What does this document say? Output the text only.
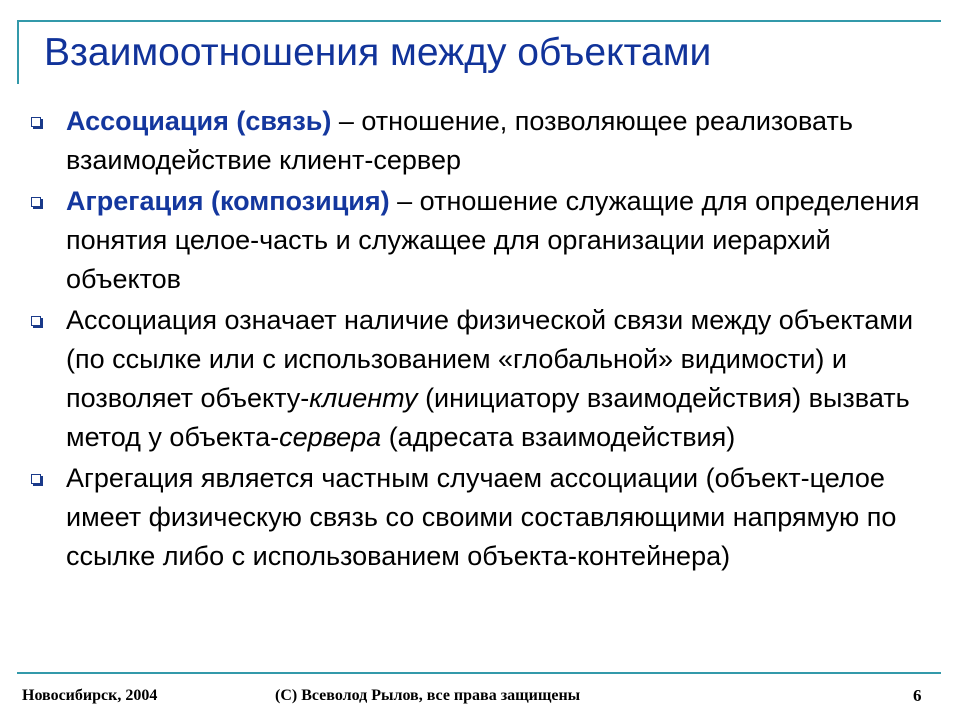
Взаимоотношения между объектами
Ассоциация (связь) – отношение, позволяющее реализовать взаимодействие клиент-сервер
Агрегация (композиция) – отношение служащие для определения понятия целое-часть и служащее для организации иерархий объектов
Ассоциация означает наличие физической связи между объектами (по ссылке или с использованием «глобальной» видимости) и позволяет объекту-клиенту (инициатору взаимодействия) вызвать метод у объекта-сервера (адресата взаимодействия)
Агрегация является частным случаем ассоциации (объект-целое имеет физическую связь со своими составляющими напрямую по ссылке либо с использованием объекта-контейнера)
Новосибирск, 2004	(C) Всеволод Рылов, все права защищены	6
